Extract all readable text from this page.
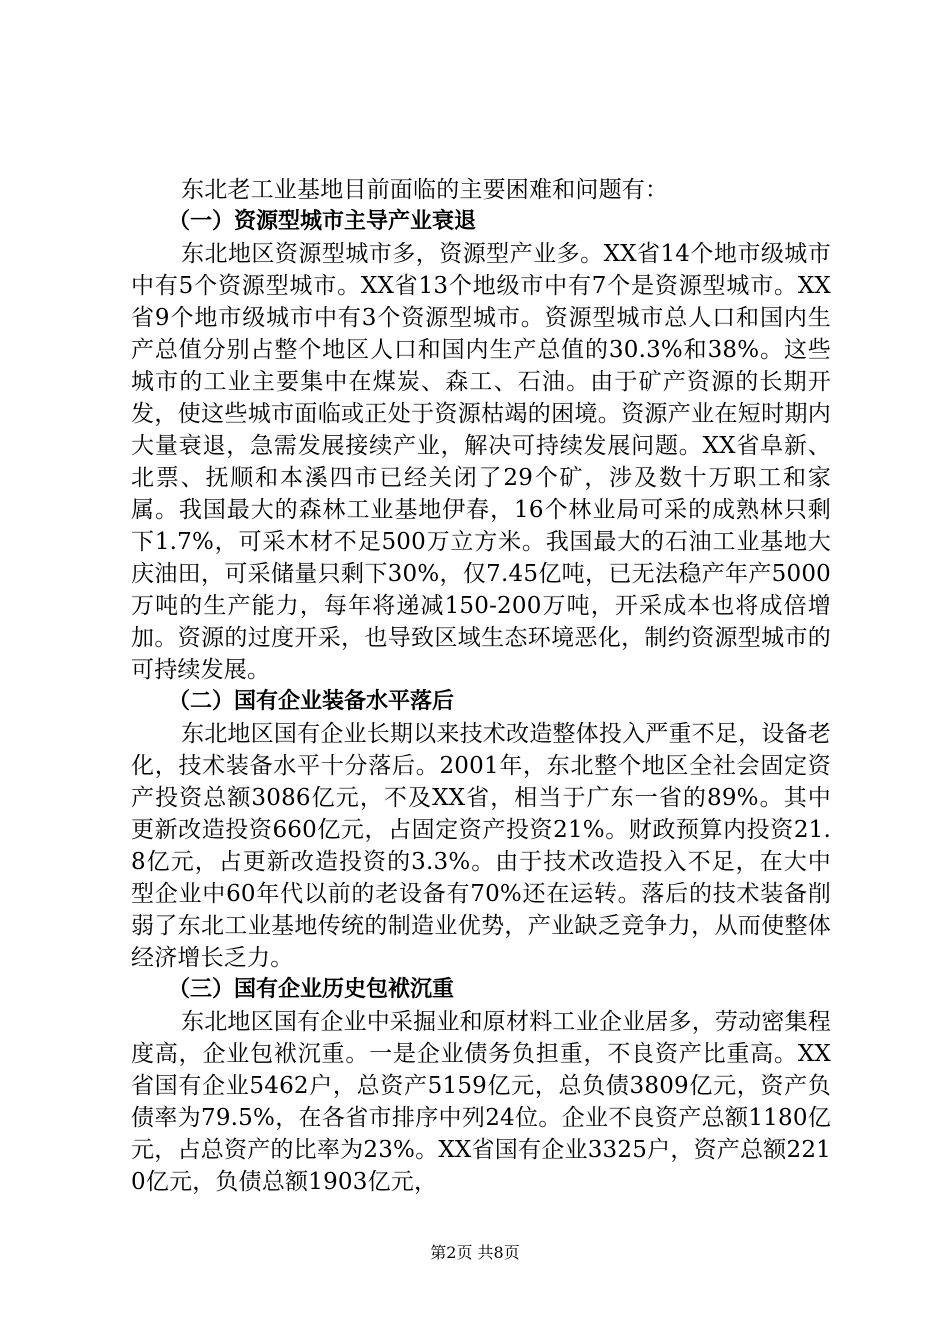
东北老工业基地目前面临的主要困难和问题有：

（一）资源型城市主导产业衰退

东北地区资源型城市多，资源型产业多。XX省14个地市级城市中有5个资源型城市。XX省13个地级市中有7个是资源型城市。XX省9个地市级城市中有3个资源型城市。资源型城市总人口和国内生产总值分别占整个地区人口和国内生产总值的30.3%和38%。这些城市的工业主要集中在煤炭、森工、石油。由于矿产资源的长期开发，使这些城市面临或正处于资源枯竭的困境。资源产业在短时期内大量衰退，急需发展接续产业，解决可持续发展问题。XX省阜新、北票、抚顺和本溪四市已经关闭了29个矿，涉及数十万职工和家属。我国最大的森林工业基地伊春，16个林业局可采的成熟林只剩下1.7%，可采木材不足500万立方米。我国最大的石油工业基地大庆油田，可采储量只剩下30%，仅7.45亿吨，已无法稳产年产5000万吨的生产能力，每年将递减150-200万吨，开采成本也将成倍增加。资源的过度开采，也导致区域生态环境恶化，制约资源型城市的可持续发展。

（二）国有企业装备水平落后

东北地区国有企业长期以来技术改造整体投入严重不足，设备老化，技术装备水平十分落后。2001年，东北整个地区全社会固定资产投资总额3086亿元，不及XX省，相当于广东一省的89%。其中更新改造投资660亿元，占固定资产投资21%。财政预算内投资21.8亿元，占更新改造投资的3.3%。由于技术改造投入不足，在大中型企业中60年代以前的老设备有70%还在运转。落后的技术装备削弱了东北工业基地传统的制造业优势，产业缺乏竞争力，从而使整体经济增长乏力。

（三）国有企业历史包袱沉重

东北地区国有企业中采掘业和原材料工业企业居多，劳动密集程度高，企业包袱沉重。一是企业债务负担重，不良资产比重高。XX省国有企业5462户，总资产5159亿元，总负债3809亿元，资产负债率为79.5%，在各省市排序中列24位。企业不良资产总额1180亿元，占总资产的比率为23%。XX省国有企业3325户，资产总额2210亿元，负债总额1903亿元，

第2页 共8页
